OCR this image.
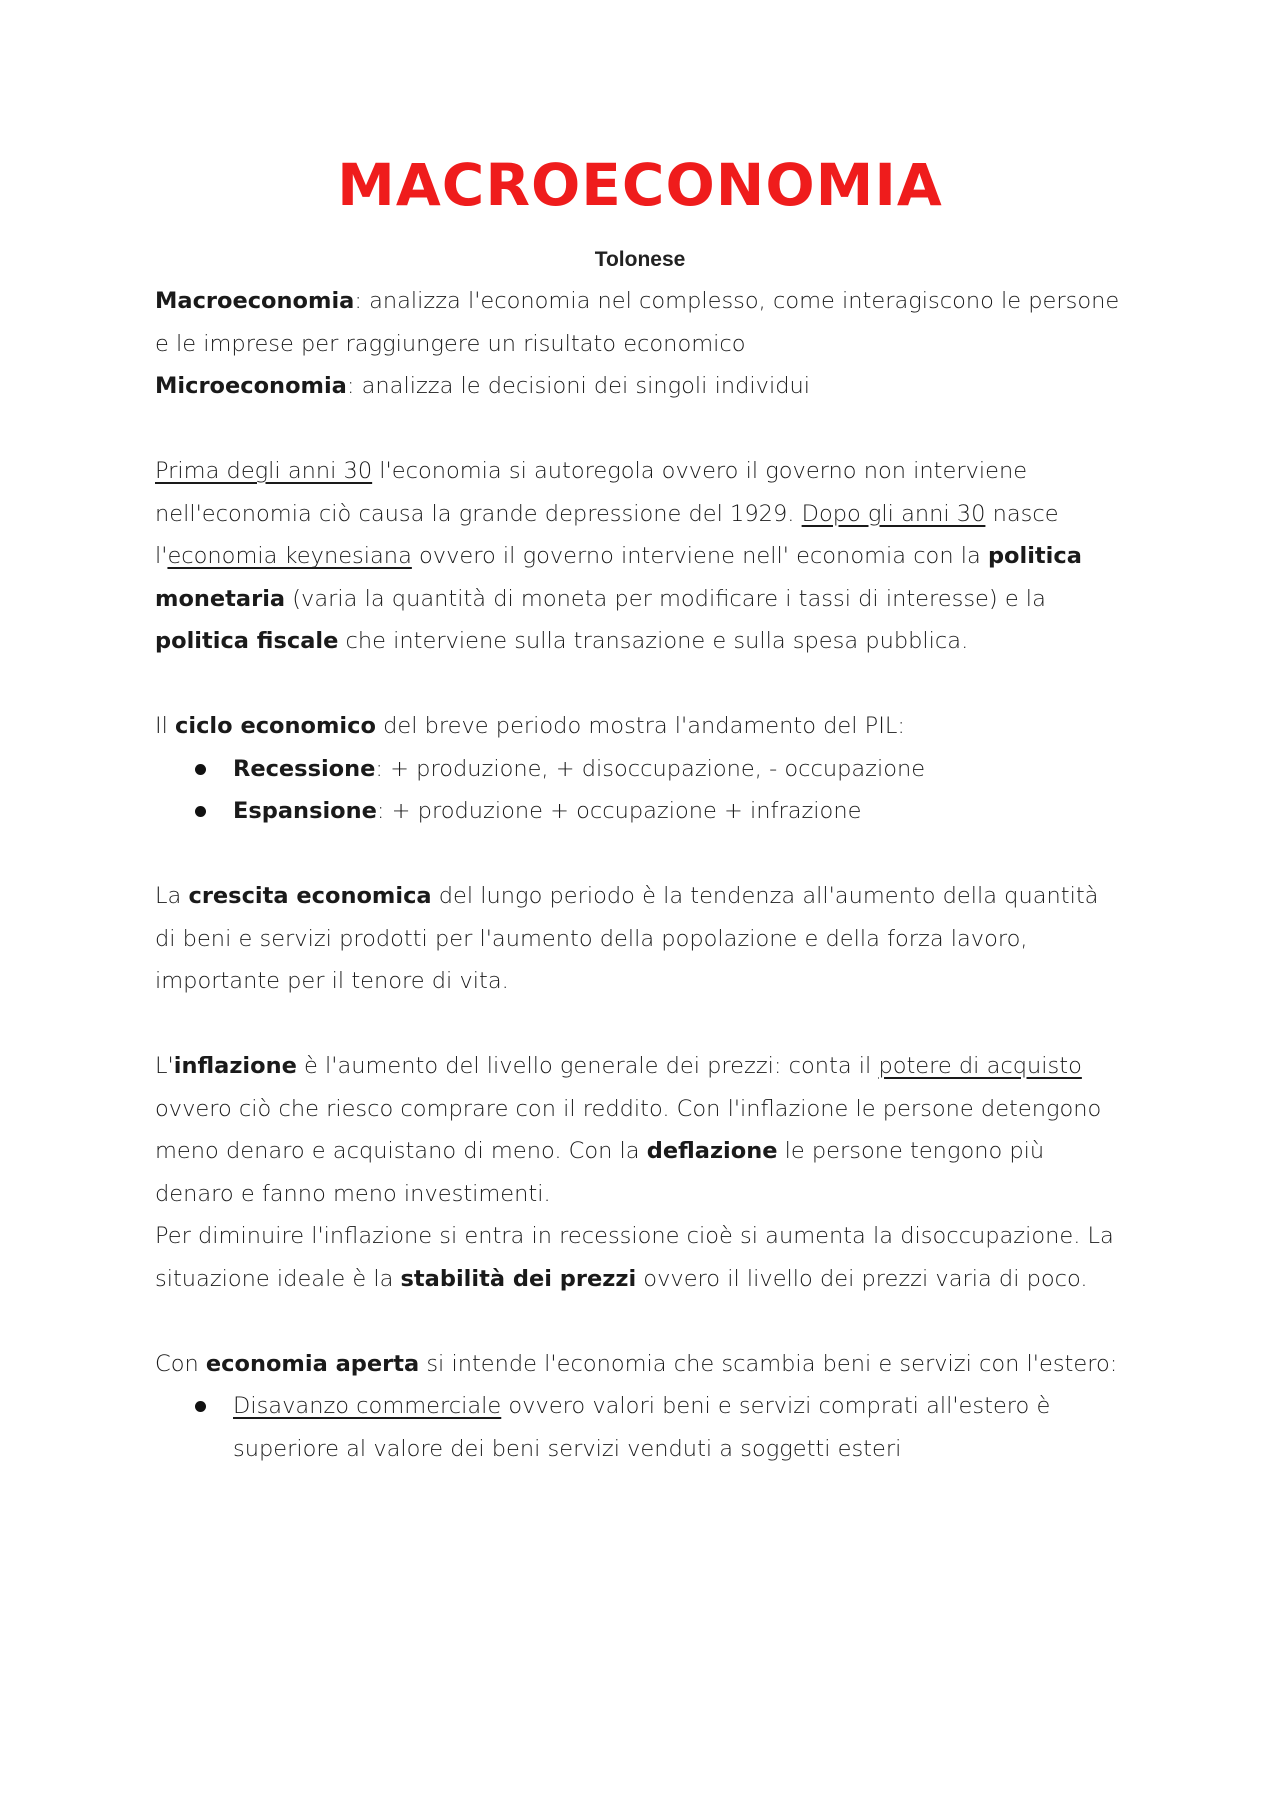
MACROECONOMIA
Tolonese

Macroeconomia: analizza l'economia nel complesso, come interagiscono le persone e le imprese per raggiungere un risultato economico
Microeconomia: analizza le decisioni dei singoli individui

Prima degli anni 30 l'economia si autoregola ovvero il governo non interviene nell'economia ciò causa la grande depressione del 1929. Dopo gli anni 30 nasce l'economia keynesiana ovvero il governo interviene nell' economia con la politica monetaria (varia la quantità di moneta per modificare i tassi di interesse) e la politica fiscale che interviene sulla transazione e sulla spesa pubblica.

Il ciclo economico del breve periodo mostra l'andamento del PIL:

Recessione: + produzione, + disoccupazione, - occupazione
Espansione: + produzione + occupazione + infrazione

La crescita economica del lungo periodo è la tendenza all'aumento della quantità di beni e servizi prodotti per l'aumento della popolazione e della forza lavoro, importante per il tenore di vita.

L'inflazione è l'aumento del livello generale dei prezzi: conta il potere di acquisto ovvero ciò che riesco comprare con il reddito. Con l'inflazione le persone detengono meno denaro e acquistano di meno. Con la deflazione le persone tengono più denaro e fanno meno investimenti.
Per diminuire l'inflazione si entra in recessione cioè si aumenta la disoccupazione. La situazione ideale è la stabilità dei prezzi ovvero il livello dei prezzi varia di poco.

Con economia aperta si intende l'economia che scambia beni e servizi con l'estero:

Disavanzo commerciale ovvero valori beni e servizi comprati all'estero è superiore al valore dei beni servizi venduti a soggetti esteri
